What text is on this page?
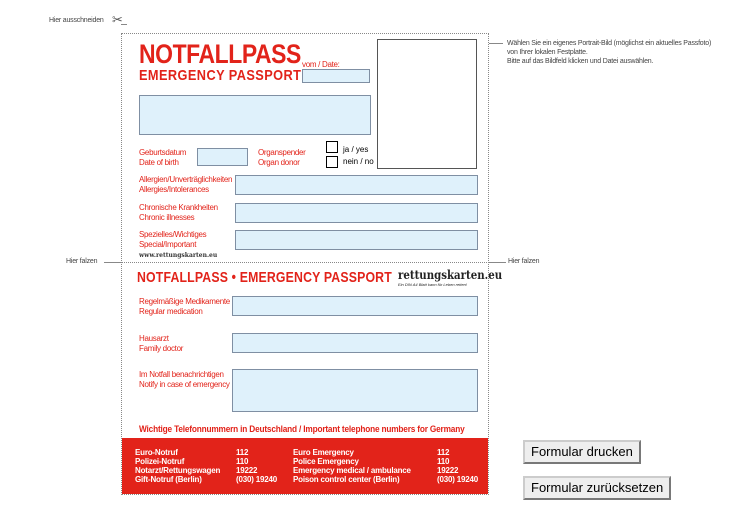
Hier ausschneiden ✂
NOTFALLPASS
EMERGENCY PASSPORT
vom / Date:
Geburtsdatum
Date of birth
Organspender
Organ donor
ja / yes
nein / no
Allergien/Unverträglichkeiten
Allergies/Intolerances
Chronische Krankheiten
Chronic illnesses
Spezielles/Wichtiges
Special/Important
www.rettungskarten.eu
Wählen Sie ein eigenes Portrait-Bild (möglichst ein aktuelles Passfoto)
von Ihrer lokalen Festplatte.
Bitte auf das Bildfeld klicken und Datei auswählen.
Hier falzen	Hier falzen
NOTFALLPASS • EMERGENCY PASSPORT rettungskarten.eu
Ein DIN A4 Blatt kann für Leben retten!
Regelmäßige Medikamente
Regular medication
Hausarzt
Family doctor
Im Notfall benachrichtigen
Notify in case of emergency
Wichtige Telefonnummern in Deutschland / Important telephone numbers for Germany
Euro-Notruf	112	Euro Emergency	112
Polizei-Notruf	110	Police Emergency	110
Notarzt/Rettungswagen 19222	Emergency medical / ambulance	19222
Gift-Notruf (Berlin)	(030) 19240 Poison control center (Berlin)	(030) 19240
Formular drucken
Formular zurücksetzen
